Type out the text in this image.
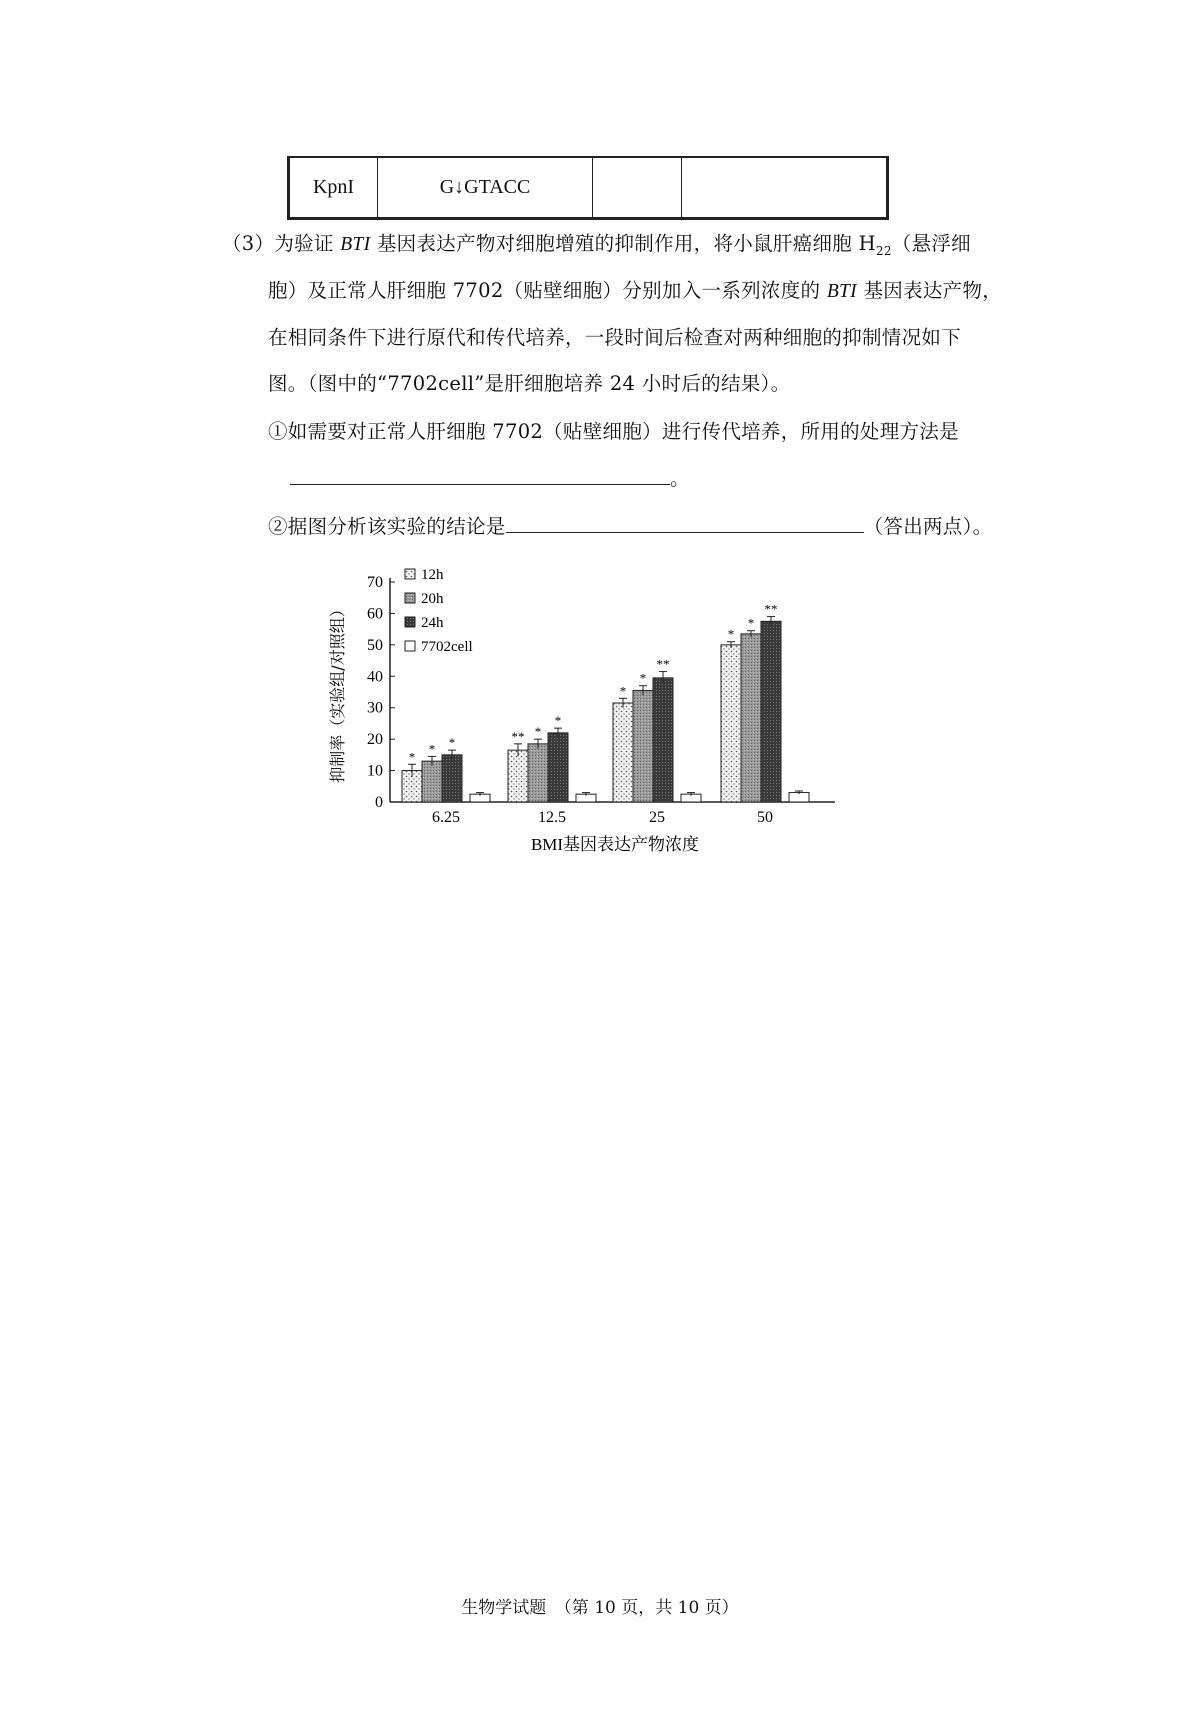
KpnI	G↓GTACC		
（3）为验证 BTI 基因表达产物对细胞增殖的抑制作用，将小鼠肝癌细胞 $H_{22}$（悬浮细
胞）及正常人肝细胞 7702（贴壁细胞）分别加入一系列浓度的 BTI 基因表达产物，
在相同条件下进行原代和传代培养，一段时间后检查对两种细胞的抑制情况如下
图。（图中的“7702cell”是肝细胞培养 24 小时后的结果）。
①如需要对正常人肝细胞 7702（贴壁细胞）进行传代培养，所用的处理方法是
。
②据图分析该实验的结论是	（答出两点）。
抑制率（实验组/对照组）
0
10
20
30
40
50
60
70
6.25	12.5	25	50
*
* *	** *
*
*
*
**
*
*
**
12h
20h
24h
7702cell
BMI基因表达产物浓度
生物学试题　（第 10 页，共 10 页）
